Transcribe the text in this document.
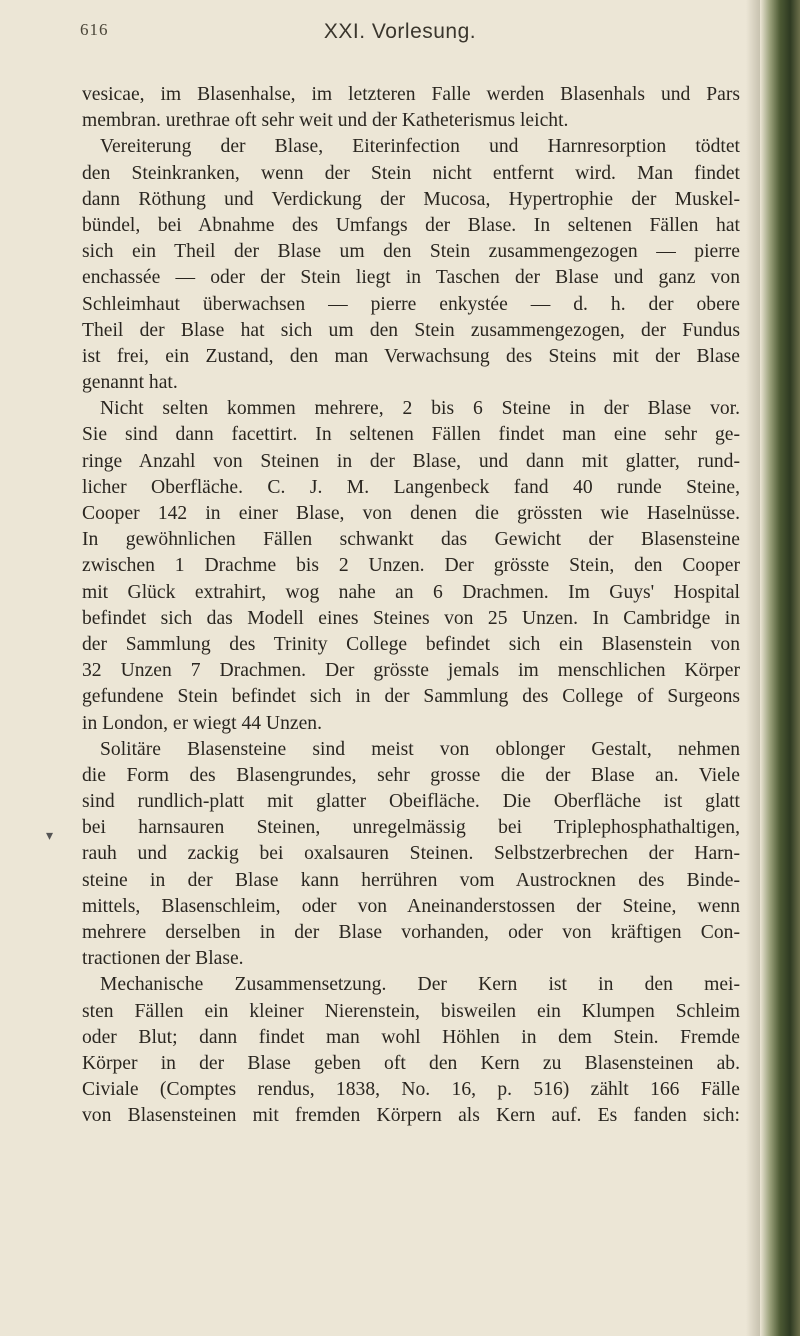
616	XXI. Vorlesung.
▾
vesicae, im Blasenhalse, im letzteren Falle werden Blasenhals und Pars
membran. urethrae oft sehr weit und der Katheterismus leicht.
Vereiterung der Blase, Eiterinfection und Harnresorption tödtet
den Steinkranken, wenn der Stein nicht entfernt wird. Man findet
dann Röthung und Verdickung der Mucosa, Hypertrophie der Muskel-
bündel, bei Abnahme des Umfangs der Blase. In seltenen Fällen hat
sich ein Theil der Blase um den Stein zusammengezogen — pierre
enchassée — oder der Stein liegt in Taschen der Blase und ganz von
Schleimhaut überwachsen — pierre enkystée — d. h. der obere
Theil der Blase hat sich um den Stein zusammengezogen, der Fundus
ist frei, ein Zustand, den man Verwachsung des Steins mit der Blase
genannt hat.
Nicht selten kommen mehrere, 2 bis 6 Steine in der Blase vor.
Sie sind dann facettirt. In seltenen Fällen findet man eine sehr ge-
ringe Anzahl von Steinen in der Blase, und dann mit glatter, rund-
licher Oberfläche. C. J. M. Langenbeck fand 40 runde Steine,
Cooper 142 in einer Blase, von denen die grössten wie Haselnüsse.
In gewöhnlichen Fällen schwankt das Gewicht der Blasensteine
zwischen 1 Drachme bis 2 Unzen. Der grösste Stein, den Cooper
mit Glück extrahirt, wog nahe an 6 Drachmen. Im Guys' Hospital
befindet sich das Modell eines Steines von 25 Unzen. In Cambridge in
der Sammlung des Trinity College befindet sich ein Blasenstein von
32 Unzen 7 Drachmen. Der grösste jemals im menschlichen Körper
gefundene Stein befindet sich in der Sammlung des College of Surgeons
in London, er wiegt 44 Unzen.
Solitäre Blasensteine sind meist von oblonger Gestalt, nehmen
die Form des Blasengrundes, sehr grosse die der Blase an. Viele
sind rundlich-platt mit glatter Obeifläche. Die Oberfläche ist glatt
bei harnsauren Steinen, unregelmässig bei Triplephosphathaltigen,
rauh und zackig bei oxalsauren Steinen. Selbstzerbrechen der Harn-
steine in der Blase kann herrühren vom Austrocknen des Binde-
mittels, Blasenschleim, oder von Aneinanderstossen der Steine, wenn
mehrere derselben in der Blase vorhanden, oder von kräftigen Con-
tractionen der Blase.
Mechanische Zusammensetzung. Der Kern ist in den mei-
sten Fällen ein kleiner Nierenstein, bisweilen ein Klumpen Schleim
oder Blut; dann findet man wohl Höhlen in dem Stein. Fremde
Körper in der Blase geben oft den Kern zu Blasensteinen ab.
Civiale (Comptes rendus, 1838, No. 16, p. 516) zählt 166 Fälle
von Blasensteinen mit fremden Körpern als Kern auf. Es fanden sich:
